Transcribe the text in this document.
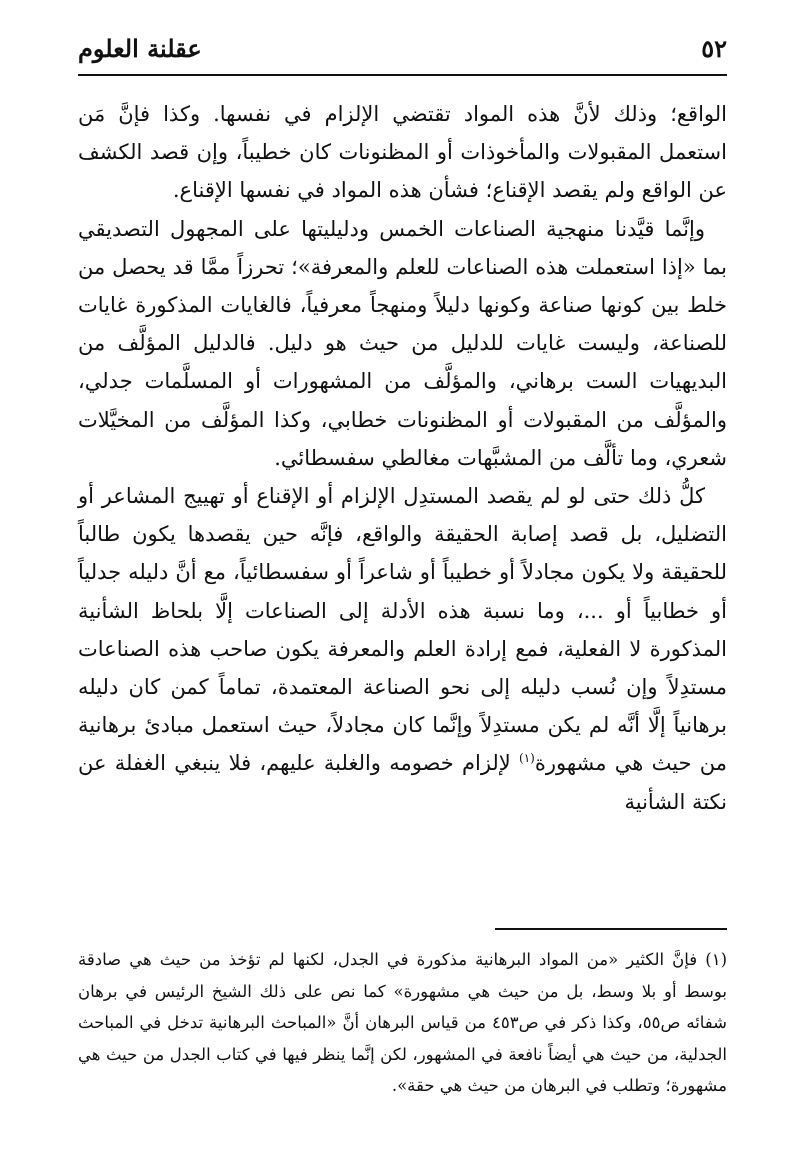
٥٢
عقلنة العلوم

الواقع؛ وذلك لأنَّ هذه المواد تقتضي الإلزام في نفسها. وكذا فإنَّ مَن استعمل المقبولات والمأخوذات أو المظنونات كان خطيباً، وإن قصد الكشف عن الواقع ولم يقصد الإقناع؛ فشأن هذه المواد في نفسها الإقناع.

وإنَّما قيَّدنا منهجية الصناعات الخمس ودليليتها على المجهول التصديقي بما «إذا استعملت هذه الصناعات للعلم والمعرفة»؛ تحرزاً ممَّا قد يحصل من خلط بين كونها صناعة وكونها دليلاً ومنهجاً معرفياً، فالغايات المذكورة غايات للصناعة، وليست غايات للدليل من حيث هو دليل. فالدليل المؤلَّف من البديهيات الست برهاني، والمؤلَّف من المشهورات أو المسلَّمات جدلي، والمؤلَّف من المقبولات أو المظنونات خطابي، وكذا المؤلَّف من المخيَّلات شعري، وما تألَّف من المشبَّهات مغالطي سفسطائي.

كلُّ ذلك حتى لو لم يقصد المستدِل الإلزام أو الإقناع أو تهييج المشاعر أو التضليل، بل قصد إصابة الحقيقة والواقع، فإنَّه حين يقصدها يكون طالباً للحقيقة ولا يكون مجادلاً أو خطيباً أو شاعراً أو سفسطائياً، مع أنَّ دليله جدلياً أو خطابياً أو ...، وما نسبة هذه الأدلة إلى الصناعات إلَّا بلحاظ الشأنية المذكورة لا الفعلية، فمع إرادة العلم والمعرفة يكون صاحب هذه الصناعات مستدِلاً وإن نُسب دليله إلى نحو الصناعة المعتمدة، تماماً كمن كان دليله برهانياً إلَّا أنَّه لم يكن مستدِلاً وإنَّما كان مجادلاً، حيث استعمل مبادئ برهانية من حيث هي مشهورة$^{(١)}$ لإلزام خصومه والغلبة عليهم، فلا ينبغي الغفلة عن نكتة الشأنية

(١) فإنَّ الكثير «من المواد البرهانية مذكورة في الجدل، لكنها لم تؤخذ من حيث هي صادقة بوسط أو بلا وسط، بل من حيث هي مشهورة» كما نص على ذلك الشيخ الرئيس في برهان شفائه ص٥٥، وكذا ذكر في ص٤٥٣ من قياس البرهان أنَّ «المباحث البرهانية تدخل في المباحث الجدلية، من حيث هي أيضاً نافعة في المشهور، لكن إنَّما ينظر فيها في كتاب الجدل من حيث هي مشهورة؛ وتطلب في البرهان من حيث هي حقة».
